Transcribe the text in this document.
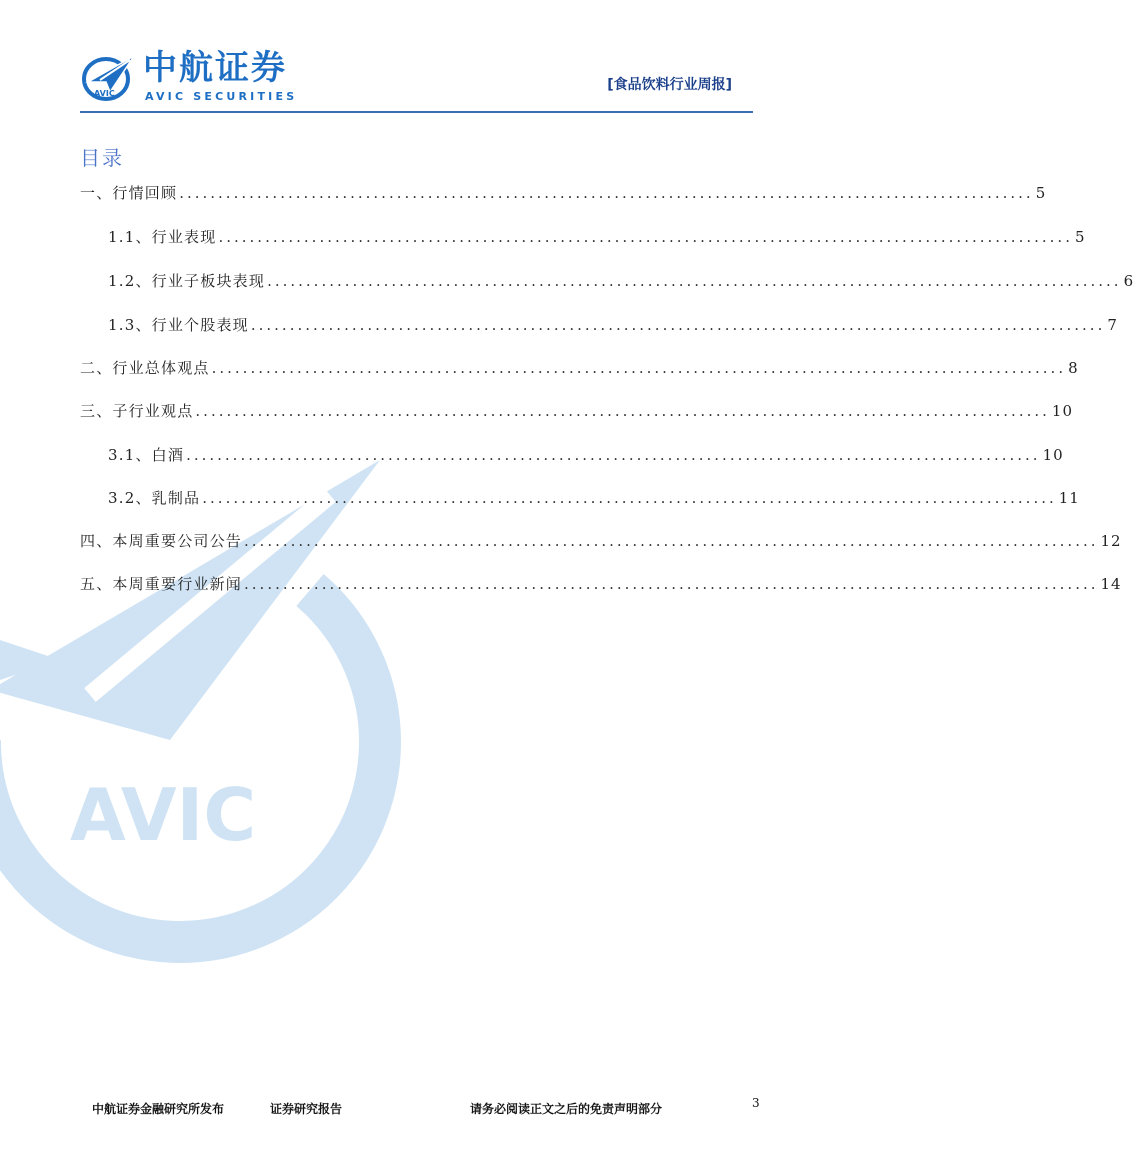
AVIC
中航证券
AVIC SECURITIES
[食品饮料行业周报]
AVIC
目录
一、行情回顾 .............................................................................................................. 5
1.1、行业表现 .............................................................................................................. 5
1.2、行业子板块表现 .............................................................................................................. 6
1.3、行业个股表现 .............................................................................................................. 7
二、行业总体观点 .............................................................................................................. 8
三、子行业观点 .............................................................................................................. 10
3.1、白酒 .............................................................................................................. 10
3.2、乳制品 .............................................................................................................. 11
四、本周重要公司公告 .............................................................................................................. 12
五、本周重要行业新闻 .............................................................................................................. 14
中航证券金融研究所发布	证券研究报告	请务必阅读正文之后的免责声明部分	3
